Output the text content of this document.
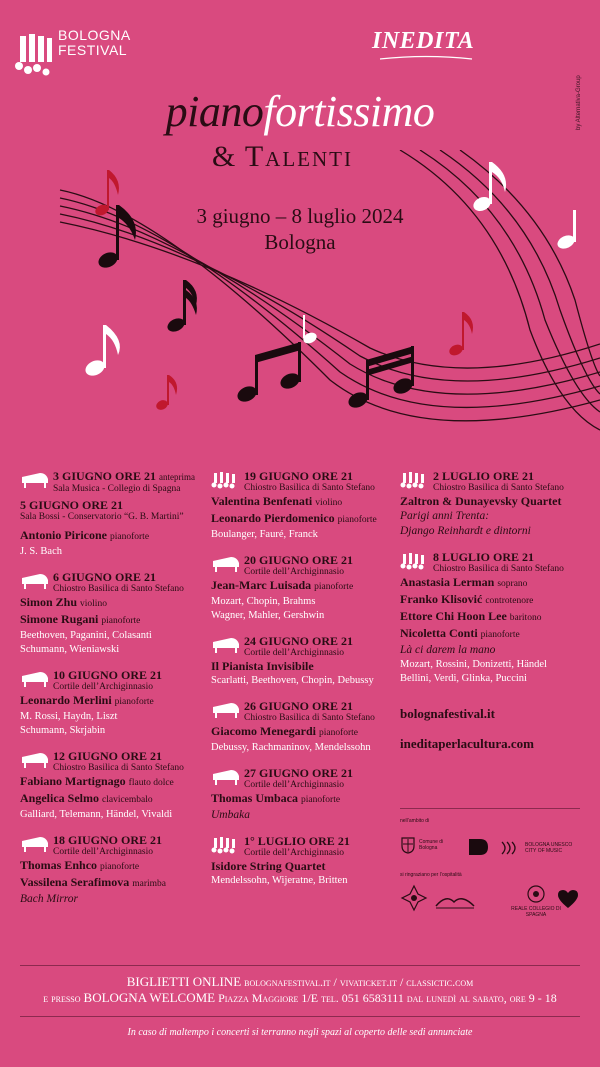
BOLOGNA
FESTIVAL	INEDITA
by Alternativa-Group
pianofortissimo
& Talenti
3 giugno – 8 luglio 2024
Bologna
3 GIUGNO ORE 21 anteprima
Sala Musica - Collegio di Spagna
5 GIUGNO ORE 21
Sala Bossi - Conservatorio “G. B. Martini”
Antonio Piricone pianoforte
J. S. Bach
6 GIUGNO ORE 21
Chiostro Basilica di Santo Stefano
Simon Zhu violino
Simone Rugani pianoforte
Beethoven, Paganini, Colasanti
Schumann, Wieniawski
10 GIUGNO ORE 21
Cortile dell’Archiginnasio
Leonardo Merlini pianoforte
M. Rossi, Haydn, Liszt
Schumann, Skrjabin
12 GIUGNO ORE 21
Chiostro Basilica di Santo Stefano
Fabiano Martignago flauto dolce
Angelica Selmo clavicembalo
Galliard, Telemann, Händel, Vivaldi
18 GIUGNO ORE 21
Cortile dell’Archiginnasio
Thomas Enhco pianoforte
Vassilena Serafimova marimba
Bach Mirror
19 GIUGNO ORE 21
Chiostro Basilica di Santo Stefano
Valentina Benfenati violino
Leonardo Pierdomenico pianoforte
Boulanger, Fauré, Franck
20 GIUGNO ORE 21
Cortile dell’Archiginnasio
Jean-Marc Luisada pianoforte
Mozart, Chopin, Brahms
Wagner, Mahler, Gershwin
24 GIUGNO ORE 21
Cortile dell’Archiginnasio
Il Pianista Invisibile
Scarlatti, Beethoven, Chopin, Debussy
26 GIUGNO ORE 21
Chiostro Basilica di Santo Stefano
Giacomo Menegardi pianoforte
Debussy, Rachmaninov, Mendelssohn
27 GIUGNO ORE 21
Cortile dell’Archiginnasio
Thomas Umbaca pianoforte
Umbaka
1° LUGLIO ORE 21
Cortile dell’Archiginnasio
Isidore String Quartet
Mendelssohn, Wijeratne, Britten
2 LUGLIO ORE 21
Chiostro Basilica di Santo Stefano
Zaltron & Dunayevsky Quartet
Parigi anni Trenta:
Django Reinhardt e dintorni
8 LUGLIO ORE 21
Chiostro Basilica di Santo Stefano
Anastasia Lerman soprano
Franko Klisović controtenore
Ettore Chi Hoon Lee baritono
Nicoletta Conti pianoforte
Là ci darem la mano
Mozart, Rossini, Donizetti, Händel
Bellini, Verdi, Glinka, Puccini
bolognafestival.it
ineditaperlacultura.com
nell’ambito di
Comune di Bologna	BOLOGNA UNESCO CITY OF MUSIC
si ringraziano per l’ospitalità
REALE COLLEGIO DI SPAGNA
BIGLIETTI ONLINE bolognafestival.it / vivaticket.it / classictic.com
e presso BOLOGNA WELCOME Piazza Maggiore 1/E tel. 051 6583111 dal lunedì al sabato, ore 9 - 18
In caso di maltempo i concerti si terranno negli spazi al coperto delle sedi annunciate
